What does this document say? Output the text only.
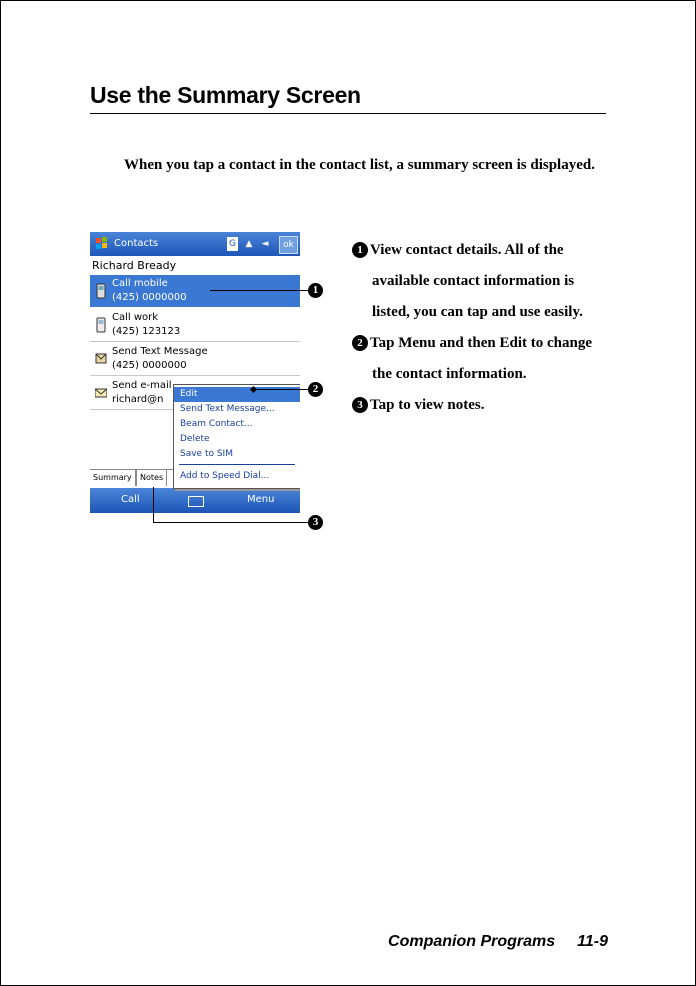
Use the Summary Screen
When you tap a contact in the contact list, a summary screen is displayed.
Contacts	G	▲	◄	ok
Richard Bready
Call mobile
(425) 0000000
Call work
(425) 123123
Send Text Message
(425) 0000000
Send e-mail
richard@n
Summary	Notes
Call	Menu
Edit
Send Text Message...
Beam Contact...
Delete
Save to SIM
Add to Speed Dial...
1
2
3
1 View contact details. All of the available contact information is listed, you can tap and use easily.
2 Tap Menu and then Edit to change the contact information.
3 Tap to view notes.
Companion Programs 11-9
